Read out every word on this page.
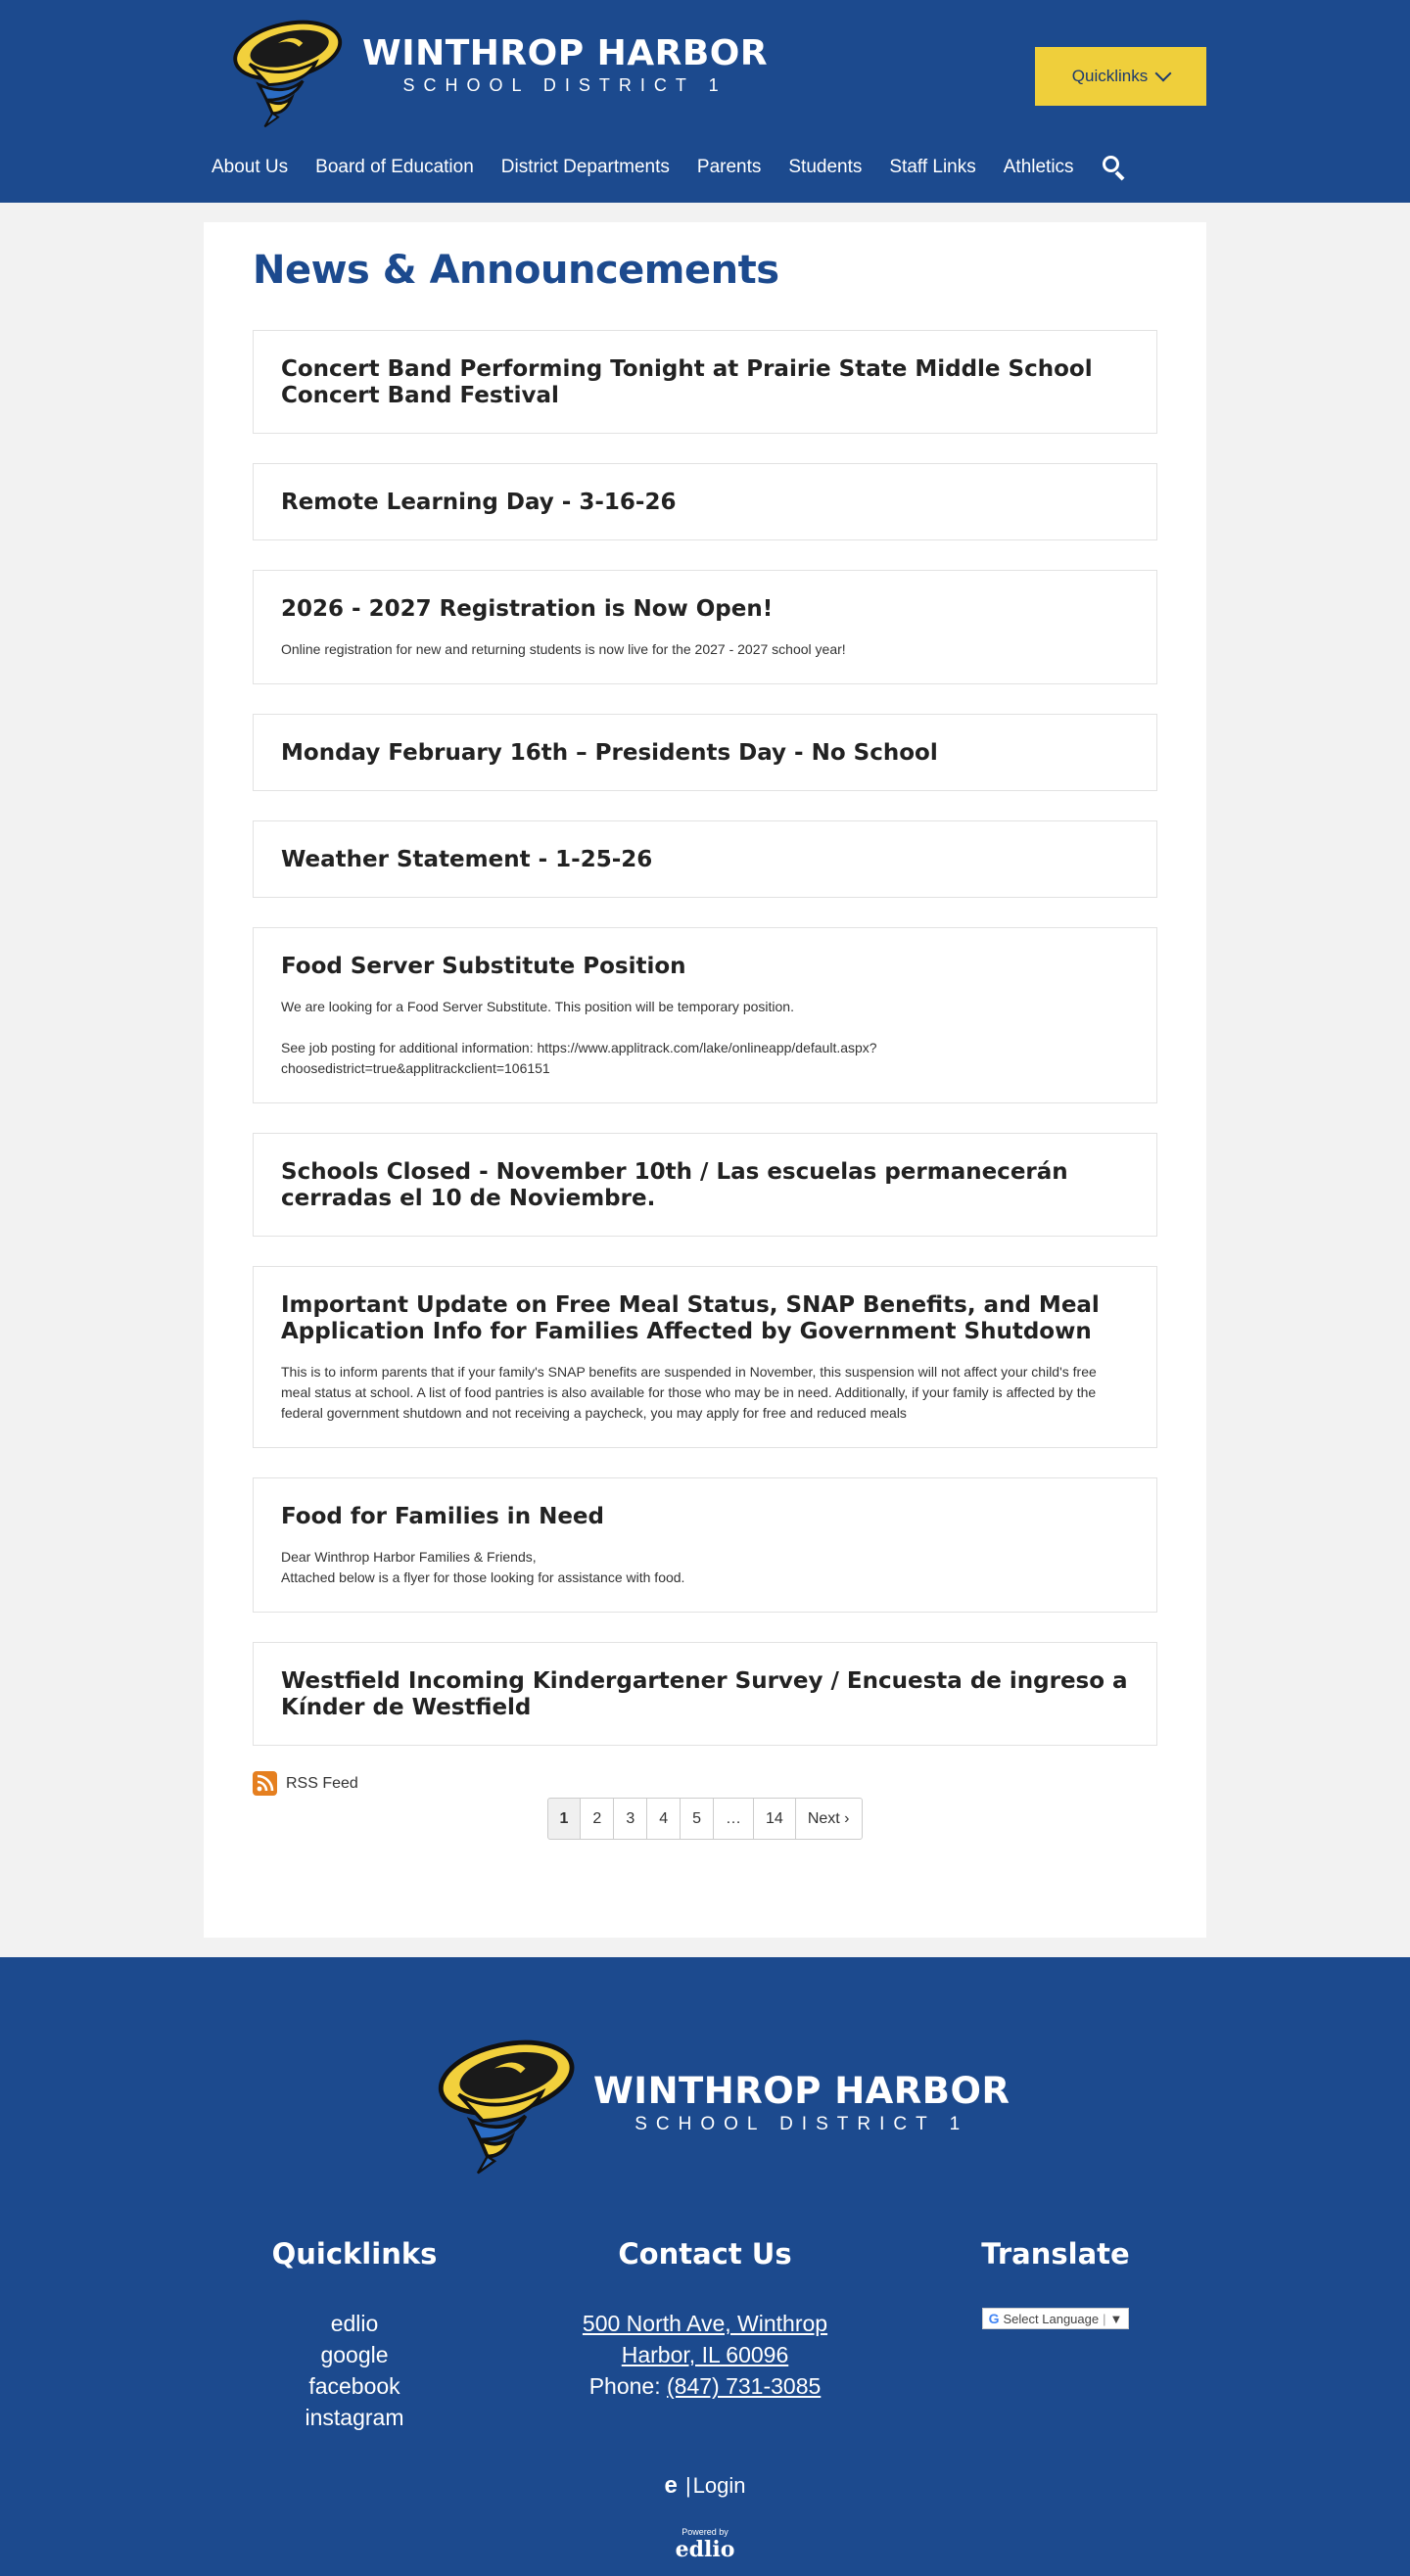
WINTHROP HARBOR
SCHOOL DISTRICT 1	Quicklinks
About Us	Board of Education	District Departments	Parents	Students	Staff Links	Athletics
News & Announcements
Concert Band Performing Tonight at Prairie State Middle School Concert Band Festival
Remote Learning Day - 3-16-26
2026 - 2027 Registration is Now Open!
Online registration for new and returning students is now live for the 2027 - 2027 school year!
Monday February 16th – Presidents Day - No School
Weather Statement - 1-25-26
Food Server Substitute Position
We are looking for a Food Server Substitute. This position will be temporary position.

See job posting for additional information: https://www.applitrack.com/lake/onlineapp/default.aspx?
choosedistrict=true&applitrackclient=106151
Schools Closed - November 10th / Las escuelas permanecerán cerradas el 10 de Noviembre.
Important Update on Free Meal Status, SNAP Benefits, and Meal Application Info for Families Affected by Government Shutdown
This is to inform parents that if your family's SNAP benefits are suspended in November, this suspension will not affect your child's free meal status at school. A list of food pantries is also available for those who may be in need. Additionally, if your family is affected by the federal government shutdown and not receiving a paycheck, you may apply for free and reduced meals
Food for Families in Need
Dear Winthrop Harbor Families & Friends,
Attached below is a flyer for those looking for assistance with food.
Westfield Incoming Kindergartener Survey / Encuesta de ingreso a Kínder de Westfield
RSS Feed
1	2	3	4	5	…	14	Next ›
WINTHROP HARBOR
SCHOOL DISTRICT 1
Quicklinks
edlio
google
facebook
instagram
Contact Us
500 North Ave, Winthrop
Harbor, IL 60096
Phone: (847) 731-3085
Translate
G Select Language | ▼
e |Login
Powered by
edlio
